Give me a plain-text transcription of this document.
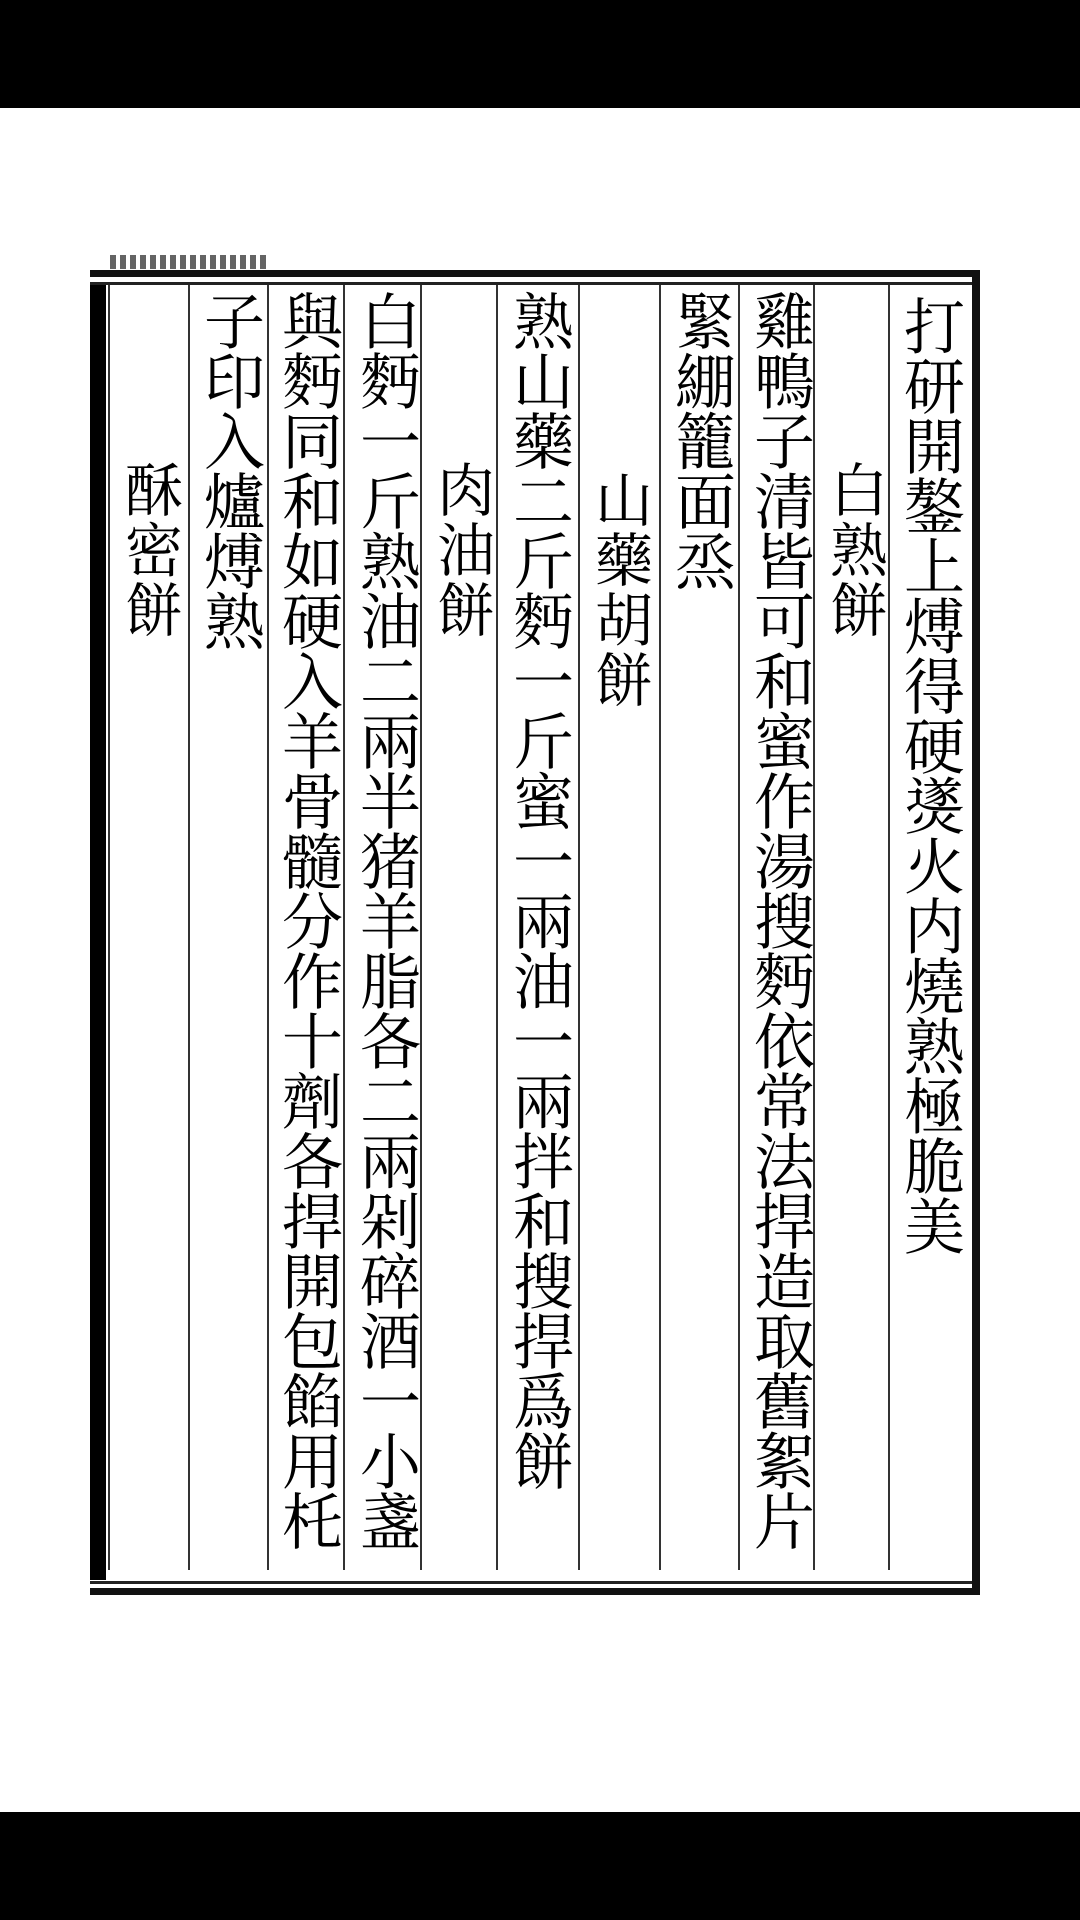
打研開鏊上煿得硬㸂火内燒熟極脆美
白熟餅
雞鴨子清皆可和蜜作湯搜麪依常法捍造取舊絮片
緊綳籠面烝
山藥胡餅
熟山藥二斤麪一斤蜜一兩油一兩拌和搜捍爲餅
肉油餅
白麪一斤熟油二兩半猪羊脂各二兩剁碎酒一小盞
與麪同和如硬入羊骨髓分作十劑各捍開包餡用杔
子印入爐煿熟
酥密餅
